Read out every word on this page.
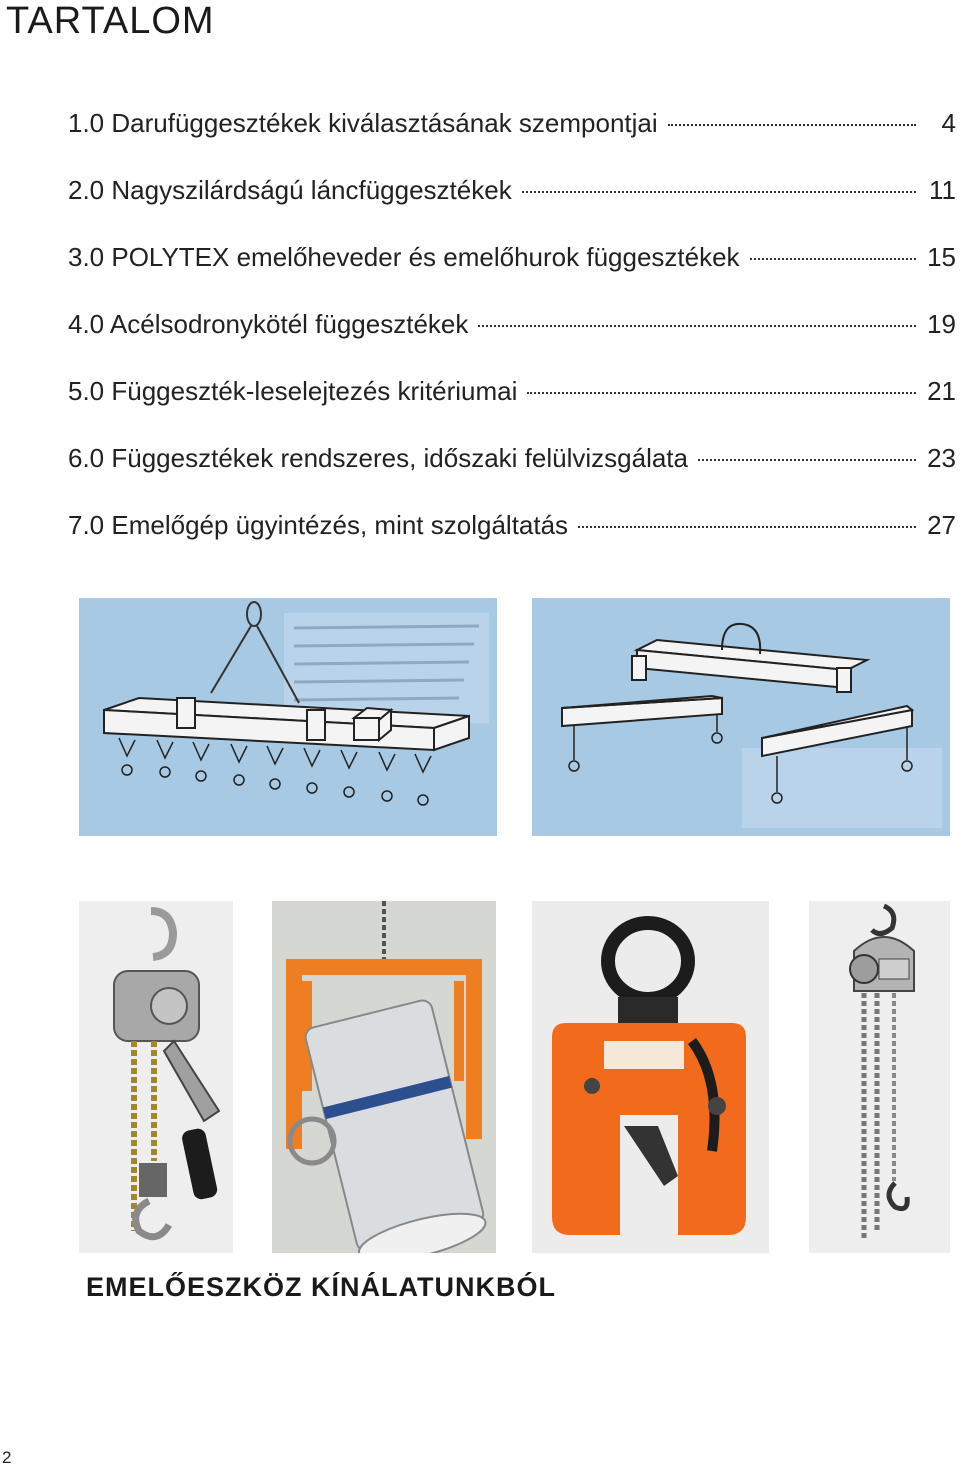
TARTALOM
1.0 Darufüggesztékek kiválasztásának szempontjai	4
2.0 Nagyszilárdságú láncfüggesztékek	11
3.0 POLYTEX emelőheveder és emelőhurok függesztékek	15
4.0 Acélsodronykötél függesztékek	19
5.0 Függeszték-leselejtezés kritériumai	21
6.0 Függesztékek rendszeres, időszaki felülvizsgálata	23
7.0 Emelőgép ügyintézés, mint szolgáltatás	27
EMELŐESZKÖZ KÍNÁLATUNKBÓL
2
